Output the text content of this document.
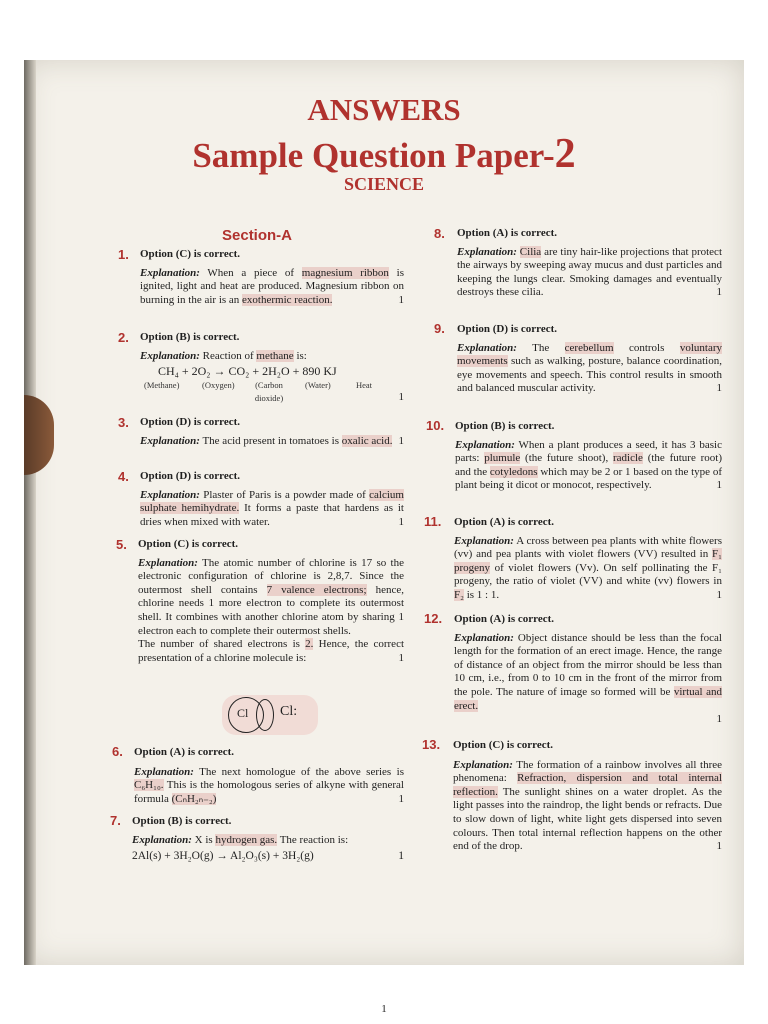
ANSWERS
Sample Question Paper-2
SCIENCE
Section-A
1. Option (C) is correct.
Explanation: When a piece of magnesium ribbon is ignited, light and heat are produced. Magnesium ribbon on burning in the air is an exothermic reaction.	1
2. Option (B) is correct.
Explanation: Reaction of methane is:
CH₄ + 2O₂ → CO₂ + 2H₂O + 890 KJ
(Methane)	(Oxygen)	(Carbon dioxide)
(Water)	Heat
1
3. Option (D) is correct.
Explanation: The acid present in tomatoes is oxalic acid. 1
4. Option (D) is correct.
Explanation: Plaster of Paris is a powder made of calcium sulphate hemihydrate. It forms a paste that hardens as it dries when mixed with water.	1
5. Option (C) is correct.
Explanation: The atomic number of chlorine is 17 so the electronic configuration of chlorine is 2,8,7. Since the outermost shell contains 7 valence electrons; hence, chlorine needs 1 more electron to complete its outermost shell. It combines with another chlorine atom by sharing 1 electron each to complete their outermost shells.
The number of shared electrons is 2. Hence, the correct presentation of a chlorine molecule is:	1
Cl Cl:
6. Option (A) is correct.
Explanation: The next homologue of the above series is C₆H₁₀. This is the homologous series of alkyne with general formula (CₙH₂ₙ₋₂)	1
7. Option (B) is correct.
Explanation: X is hydrogen gas. The reaction is:
2Al(s) + 3H₂O(g) → Al₂O₃(s) + 3H₂(g)	1
8. Option (A) is correct.
Explanation: Cilia are tiny hair-like projections that protect the airways by sweeping away mucus and dust particles and keeping the lungs clear. Smoking damages and eventually destroys these cilia.	1
9. Option (D) is correct.
Explanation: The cerebellum controls voluntary movements such as walking, posture, balance coordination, eye movements and speech. This control results in smooth and balanced muscular activity.	1
10. Option (B) is correct.
Explanation: When a plant produces a seed, it has 3 basic parts: plumule (the future shoot), radicle (the future root) and the cotyledons which may be 2 or 1 based on the type of plant being it dicot or monocot, respectively.	1
11. Option (A) is correct.
Explanation: A cross between pea plants with white flowers (vv) and pea plants with violet flowers (VV) resulted in F₁ progeny of violet flowers (Vv). On self pollinating the F₁ progeny, the ratio of violet (VV) and white (vv) flowers in F₂ is 1 : 1.	1
12. Option (A) is correct.
Explanation: Object distance should be less than the focal length for the formation of an erect image. Hence, the range of distance of an object from the mirror should be less than 10 cm, i.e., from 0 to 10 cm in the front of the mirror from the pole. The nature of image so formed will be virtual and erect.
1
13. Option (C) is correct.
Explanation: The formation of a rainbow involves all three phenomena: Refraction, dispersion and total internal reflection. The sunlight shines on a water droplet. As the light passes into the raindrop, the light bends or refracts. Due to slow down of light, white light gets dispersed into seven colours. Then total internal reflection happens on the other end of the drop.	1
1
